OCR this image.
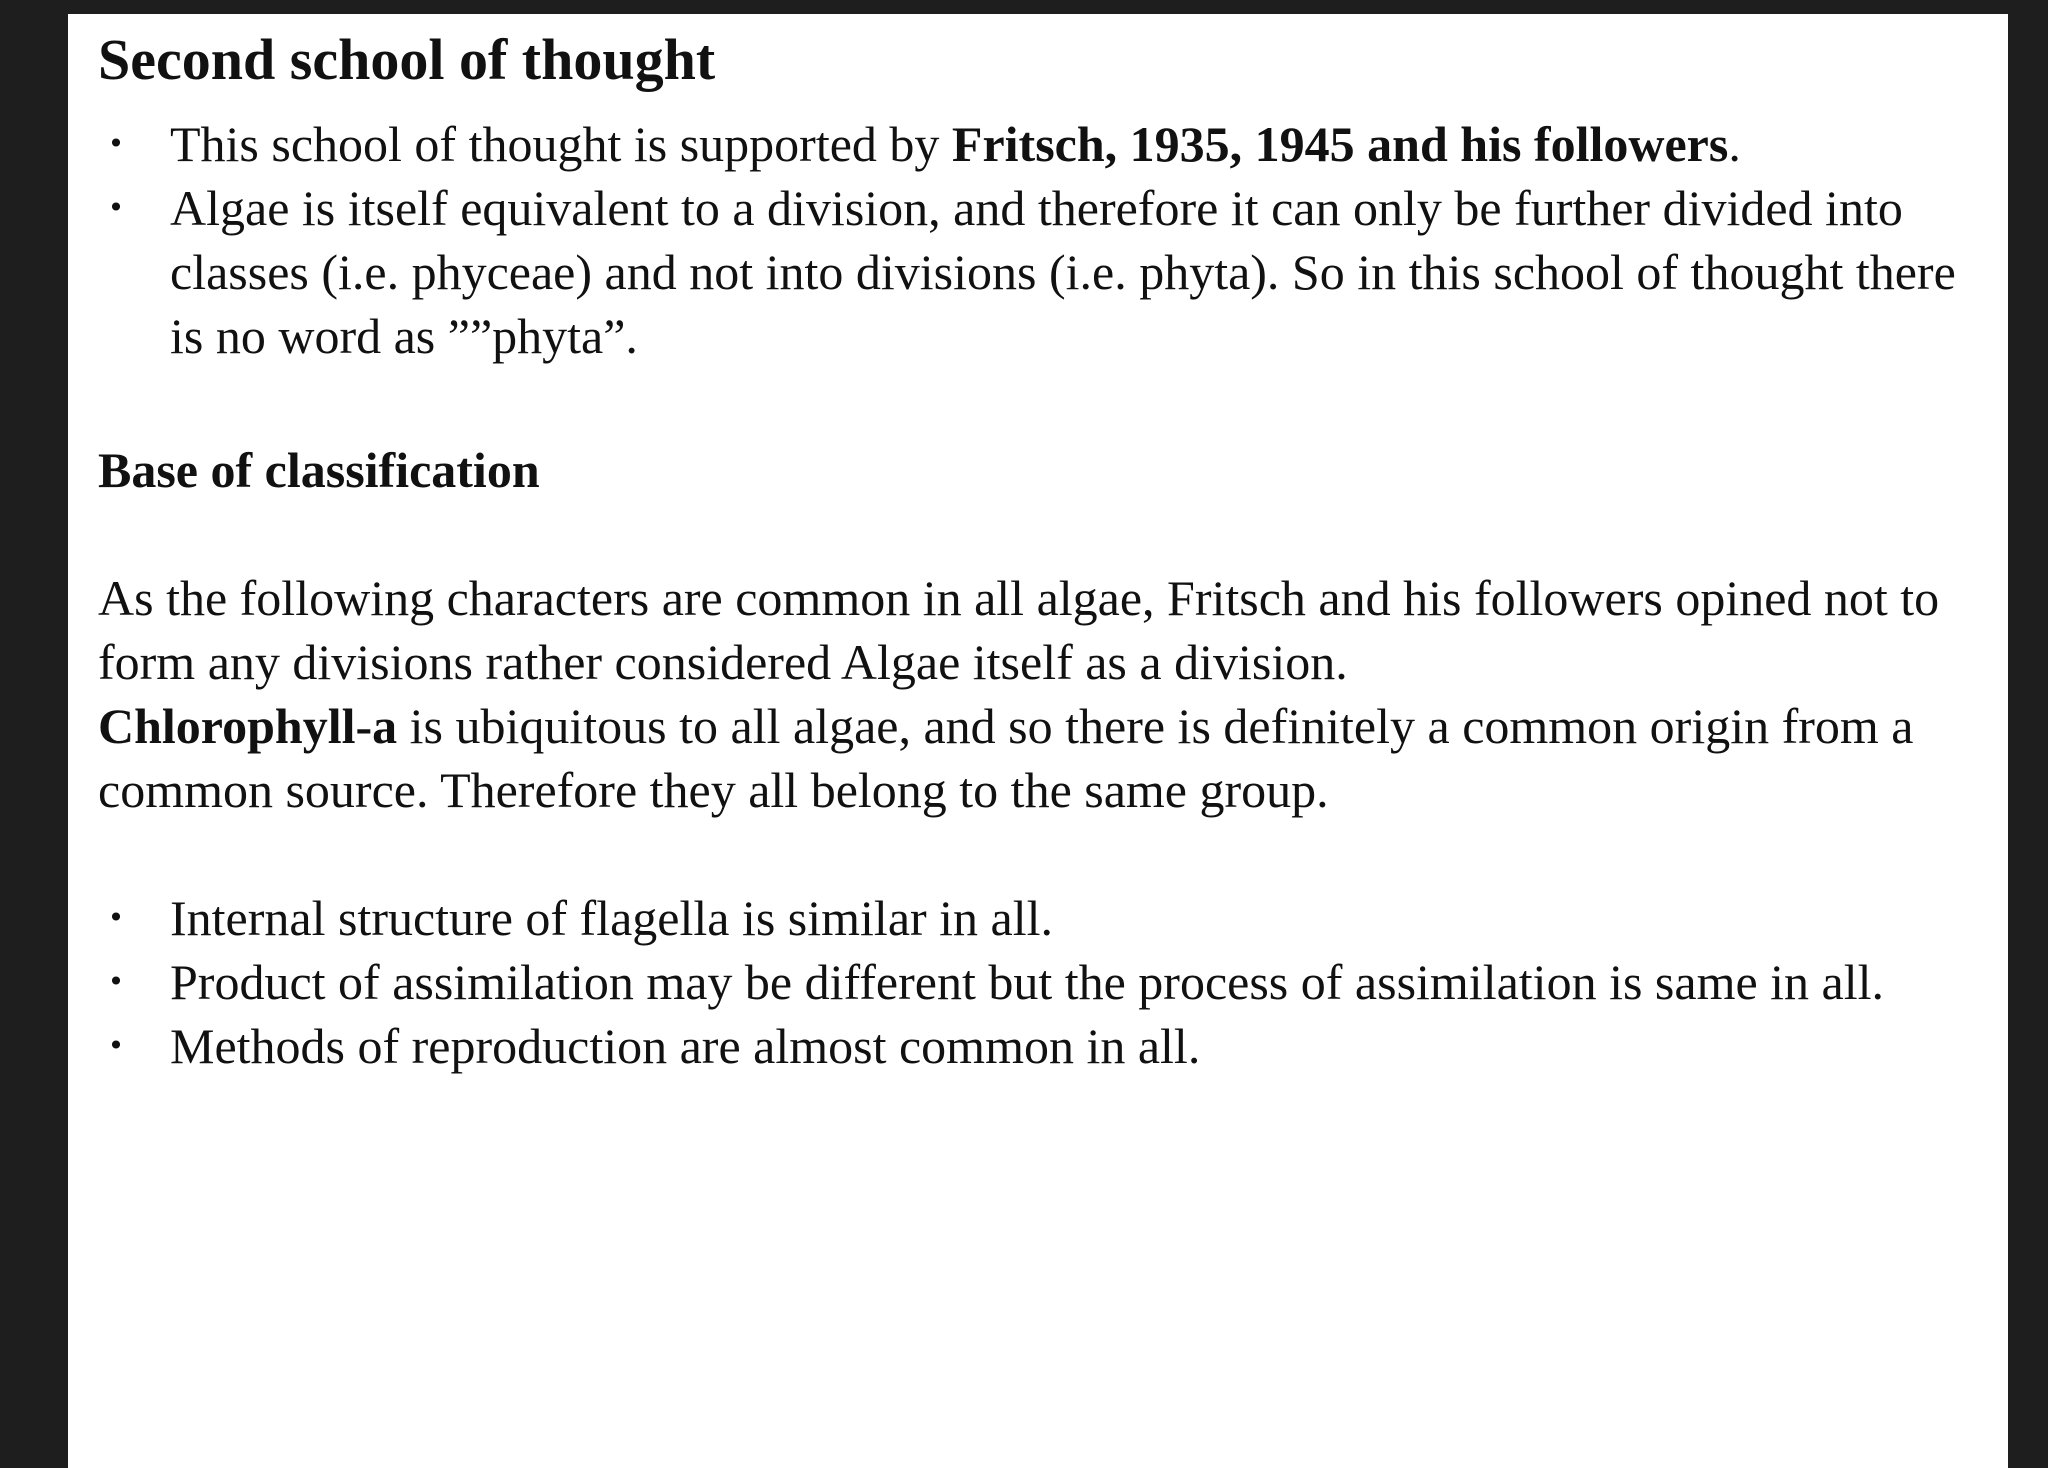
Second school of thought
• This school of thought is supported by Fritsch, 1935, 1945 and his followers.
• Algae is itself equivalent to a division, and therefore it can only be further divided into classes (i.e. phyceae) and not into divisions (i.e. phyta). So in this school of thought there is no word as ””phyta”.
Base of classification

As the following characters are common in all algae, Fritsch and his followers opined not to form any divisions rather considered Algae itself as a division.
Chlorophyll-a is ubiquitous to all algae, and so there is definitely a common origin from a common source. Therefore they all belong to the same group.

• Internal structure of flagella is similar in all.
• Product of assimilation may be different but the process of assimilation is same in all.
• Methods of reproduction are almost common in all.
